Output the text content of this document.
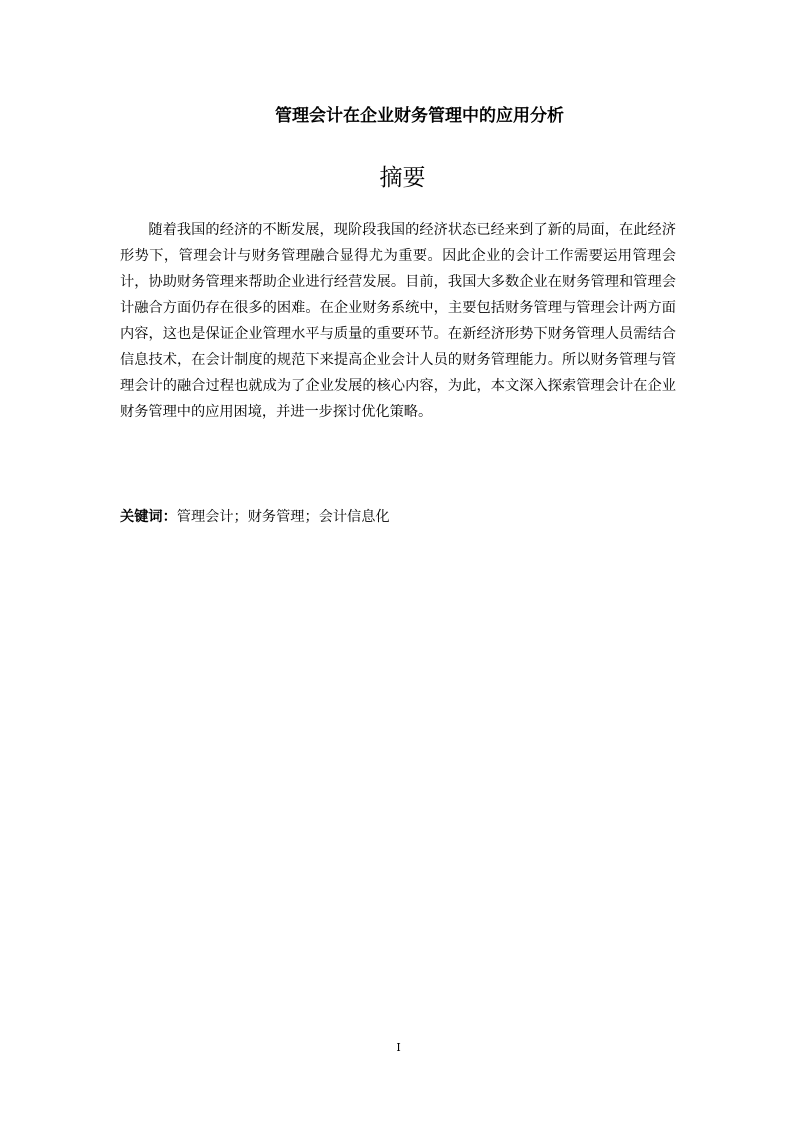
管理会计在企业财务管理中的应用分析
摘要

随着我国的经济的不断发展，现阶段我国的经济状态已经来到了新的局面，在此经济形势下，管理会计与财务管理融合显得尤为重要。因此企业的会计工作需要运用管理会计，协助财务管理来帮助企业进行经营发展。目前，我国大多数企业在财务管理和管理会计融合方面仍存在很多的困难。在企业财务系统中，主要包括财务管理与管理会计两方面内容，这也是保证企业管理水平与质量的重要环节。在新经济形势下财务管理人员需结合信息技术，在会计制度的规范下来提高企业会计人员的财务管理能力。所以财务管理与管理会计的融合过程也就成为了企业发展的核心内容，为此，本文深入探索管理会计在企业财务管理中的应用困境，并进一步探讨优化策略。

关键词：管理会计；财务管理；会计信息化
I
